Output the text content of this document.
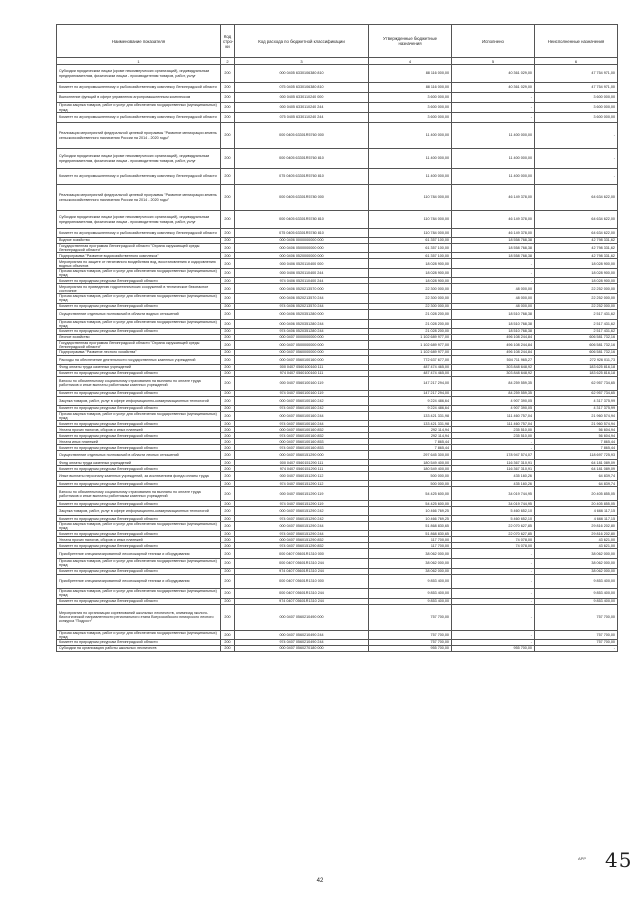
Наименование показателя	Код стро- ки	Код расхода по бюджетной классификации	Утвержденные бюджетные назначения	Исполнено	Неисполненные назначения
1	2	3	4	5	6
Субсидии юридическим лицам (кроме некоммерческих организаций), индивидуальным предпринимателям, физическим лицам - производителям товаров, работ, услуг	200	000 0405 6330106380 810	88 116 000,00	40 361 029,00	47 754 971,00
Комитет по агропромышленному и рыбохозяйственному комплексу Ленинградской области	200	075 0405 6330106380 810	88 116 000,00	40 361 029,00	47 754 971,00
Выполнение функций в сфере управления агропромышленным комплексом	200	000 0405 6330110240 000	3 600 000,00	-	3 600 000,00
Прочая закупка товаров, работ и услуг для обеспечения государственных (муниципальных) нужд	200	000 0405 6330110240 244	3 600 000,00	-	3 600 000,00
Комитет по агропромышленному и рыбохозяйственному комплексу Ленинградской области	200	075 0405 6330110240 244	3 600 000,00	-	3 600 000,00
Реализация мероприятий федеральной целевой программы "Развитие мелиорации земель сельскохозяйственного назначения России на 2014 - 2020 годы"	200	000 0405 63301R5760 000	11 400 000,00	11 400 000,00	-
Субсидии юридическим лицам (кроме некоммерческих организаций), индивидуальным предпринимателям, физическим лицам - производителям товаров, работ, услуг	200	000 0405 63301R5760 810	11 400 000,00	11 400 000,00	-
Комитет по агропромышленному и рыбохозяйственному комплексу Ленинградской области	200	075 0405 63301R5760 810	11 400 000,00	11 400 000,00	-
Реализация мероприятий федеральной целевой программы "Развитие мелиорации земель сельскохозяйственного назначения России на 2014 - 2020 годы"	200	000 0405 63301R5780 000	110 784 000,00	46 149 378,00	64 634 622,00
Субсидии юридическим лицам (кроме некоммерческих организаций), индивидуальным предпринимателям, физическим лицам - производителям товаров, работ, услуг	200	000 0405 63301R5780 810	110 784 000,00	46 149 378,00	64 634 622,00
Комитет по агропромышленному и рыбохозяйственному комплексу Ленинградской области	200	075 0405 63301R5780 810	110 784 000,00	46 149 378,00	64 634 622,00
Водное хозяйство	200	000 0406 0000000000 000	61 357 100,00	18 558 768,38	42 798 331,62
Государственная программа Ленинградской области "Охрана окружающей среды Ленинградской области"	200	000 0406 0500000000 000	61 357 100,00	18 558 768,38	42 798 331,62
Подпрограмма "Развитие водохозяйственного комплекса"	200	000 0406 0520000000 000	61 357 100,00	18 558 768,38	42 798 331,62
Мероприятия по защите от негативного воздействия вод, восстановлению и оздоровлению водных объектов	200	000 0406 0520110400 000	18 028 900,00	-	18 028 900,00
Прочая закупка товаров, работ и услуг для обеспечения государственных (муниципальных) нужд	200	000 0406 0520110400 244	18 028 900,00	-	18 028 900,00
Комитет по природным ресурсам Ленинградской области	200	974 0406 0520110400 244	18 028 900,00	-	18 028 900,00
Мероприятия по приведению гидротехнических сооружений в техническое безопасное состояние	200	000 0406 0520213570 000	22 300 000,00	48 000,00	22 252 000,00
Прочая закупка товаров, работ и услуг для обеспечения государственных (муниципальных) нужд	200	000 0406 0520213570 244	22 300 000,00	48 000,00	22 252 000,00
Комитет по природным ресурсам Ленинградской области	200	974 0406 0520213570 244	22 300 000,00	48 000,00	22 252 000,00
Осуществление отдельных полномочий в области водных отношений	200	000 0406 0520351280 000	21 028 200,00	18 510 768,38	2 517 431,62
Прочая закупка товаров, работ и услуг для обеспечения государственных (муниципальных) нужд	200	000 0406 0520351280 244	21 028 200,00	18 510 768,38	2 517 431,62
Комитет по природным ресурсам Ленинградской области	200	974 0406 0520351280 244	21 028 200,00	18 510 768,38	2 517 431,62
Лесное хозяйство	200	000 0407 0000000000 000	1 102 689 977,00	496 108 244,84	606 581 732,16
Государственная программа Ленинградской области "Охрана окружающей среды Ленинградской области"	200	000 0407 0500000000 000	1 102 689 977,00	496 108 244,84	606 581 732,16
Подпрограмма "Развитие лесного хозяйства"	200	000 0407 0560000000 000	1 102 689 977,00	496 108 244,84	606 581 732,16
Расходы на обеспечение деятельности государственных казенных учреждений	200	000 0407 0560100160 000	772 637 677,00	504 711 965,27	272 926 011,73
Фонд оплаты труда казенных учреждений	200	000 0407 0560100160 111	487 474 465,00	303 848 648,92	183 625 816,18
Комитет по природным ресурсам Ленинградской области	200	974 0407 0560100160 111	487 474 465,00	303 848 648,92	183 625 816,18
Взносы по обязательному социальному страхованию на выплаты по оплате труда работников и иные выплаты работникам казенных учреждений	200	000 0407 0560100160 119	147 217 294,00	84 259 559,35	62 957 734,65
Комитет по природным ресурсам Ленинградской области	200	974 0407 0560100160 119	147 217 294,00	84 259 559,35	62 957 734,65
Закупка товаров, работ, услуг в сфере информационно-коммуникационных технологий	200	000 0407 0560100160 242	9 224 486,64	4 907 390,05	4 317 375,99
Комитет по природным ресурсам Ленинградской области	200	974 0407 0560100160 242	9 224 486,64	4 907 390,05	4 317 375,99
Прочая закупка товаров, работ и услуг для обеспечения государственных (муниципальных) нужд	200	000 0407 0560100160 244	133 421 331,98	111 460 757,04	21 960 574,94
Комитет по природным ресурсам Ленинградской области	200	974 0407 0560100160 244	133 421 331,98	111 460 757,04	21 960 574,94
Уплата прочих налогов, сборов и иных платежей	200	000 0407 0560100160 852	292 114,94	235 510,00	56 604,94
Комитет по природным ресурсам Ленинградской области	200	974 0407 0560100160 852	292 114,94	235 510,00	56 604,94
Уплата иных платежей	200	000 0407 0560100160 853	7 865,44	-	7 865,44
Комитет по природным ресурсам Ленинградской области	200	974 0407 0560100160 853	7 865,44	-	7 865,44
Осуществление отдельных полномочий в области лесных отношений	200	000 0407 0560151290 000	297 645 300,00	178 947 574,07	118 697 725,93
Фонд оплаты труда казенных учреждений	200	000 0407 0560151290 111	180 549 400,00	116 367 310,91	64 181 089,09
Комитет по природным ресурсам Ленинградской области	200	974 0407 0560151290 111	180 549 400,00	116 367 310,91	64 181 089,09
Иные выплаты персоналу казенных учреждений, за исключением фонда оплаты труда	200	000 0407 0560151290 112	500 000,00	435 160,26	64 839,74
Комитет по природным ресурсам Ленинградской области	200	974 0407 0560151290 112	500 000,00	435 160,26	64 839,74
Взносы по обязательному социальному страхованию на выплаты по оплате труда работников и иные выплаты работникам казенных учреждений	200	000 0407 0560151290 119	54 425 600,00	34 019 744,95	20 405 855,05
Комитет по природным ресурсам Ленинградской области	200	974 0407 0560151290 119	54 425 600,00	34 019 744,95	20 405 855,05
Закупка товаров, работ, услуг в сфере информационно-коммуникационных технологий	200	000 0407 0560151290 242	10 466 769,25	5 460 652,10	4 666 117,15
Комитет по природным ресурсам Ленинградской области	200	974 0407 0560151290 242	10 466 769,25	5 460 652,10	4 666 117,15
Прочая закупка товаров, работ и услуг для обеспечения государственных (муниципальных) нужд	200	000 0407 0560151290 244	51 868 830,65	22 070 627,85	29 816 202,80
Комитет по природным ресурсам Ленинградской области	200	974 0407 0560151290 244	51 868 830,65	22 070 627,85	29 816 202,80
Уплата прочих налогов, сборов и иных платежей	200	000 0407 0560151290 852	117 700,00	74 078,00	43 621,00
Комитет по природным ресурсам Ленинградской области	200	974 0407 0560151290 852	117 700,00	74 078,00	43 621,00
Приобретение специализированной лесопожарной техники и оборудования	200	000 0407 05601R1310 000	38 062 000,00	-	38 062 000,00
Прочая закупка товаров, работ и услуг для обеспечения государственных (муниципальных) нужд	200	000 0407 05601R1310 244	38 062 000,00	-	38 062 000,00
Комитет по природным ресурсам Ленинградской области	200	974 0407 05601R1310 244	38 062 000,00	-	38 062 000,00
Приобретение специализированной лесопожарной техники и оборудования	200	000 0407 05601R1310 000	9 853 400,00	-	9 853 400,00
Прочая закупка товаров, работ и услуг для обеспечения государственных (муниципальных) нужд	200	000 0407 05601R1310 244	9 853 400,00	-	9 853 400,00
Комитет по природным ресурсам Ленинградской области	200	974 0407 05601R1310 244	9 853 400,00	-	9 853 400,00
Мероприятия по организации соревнований школьных лесничеств, олимпиад эколого-биологической направленности регионального этапа Всероссийского юниорского лесного конкурса "Подрост"	200	000 0407 0560210490 000	757 700,00	-	757 700,00
Прочая закупка товаров, работ и услуг для обеспечения государственных (муниципальных) нужд	200	000 0407 0560210490 244	757 700,00	-	757 700,00
Комитет по природным ресурсам Ленинградской области	200	974 0407 0560210490 244	757 700,00	-	757 700,00
Субсидии на организацию работы школьных лесничеств	200	000 0407 0560270180 000	955 700,00	955 700,00	-
42
АРР 45
